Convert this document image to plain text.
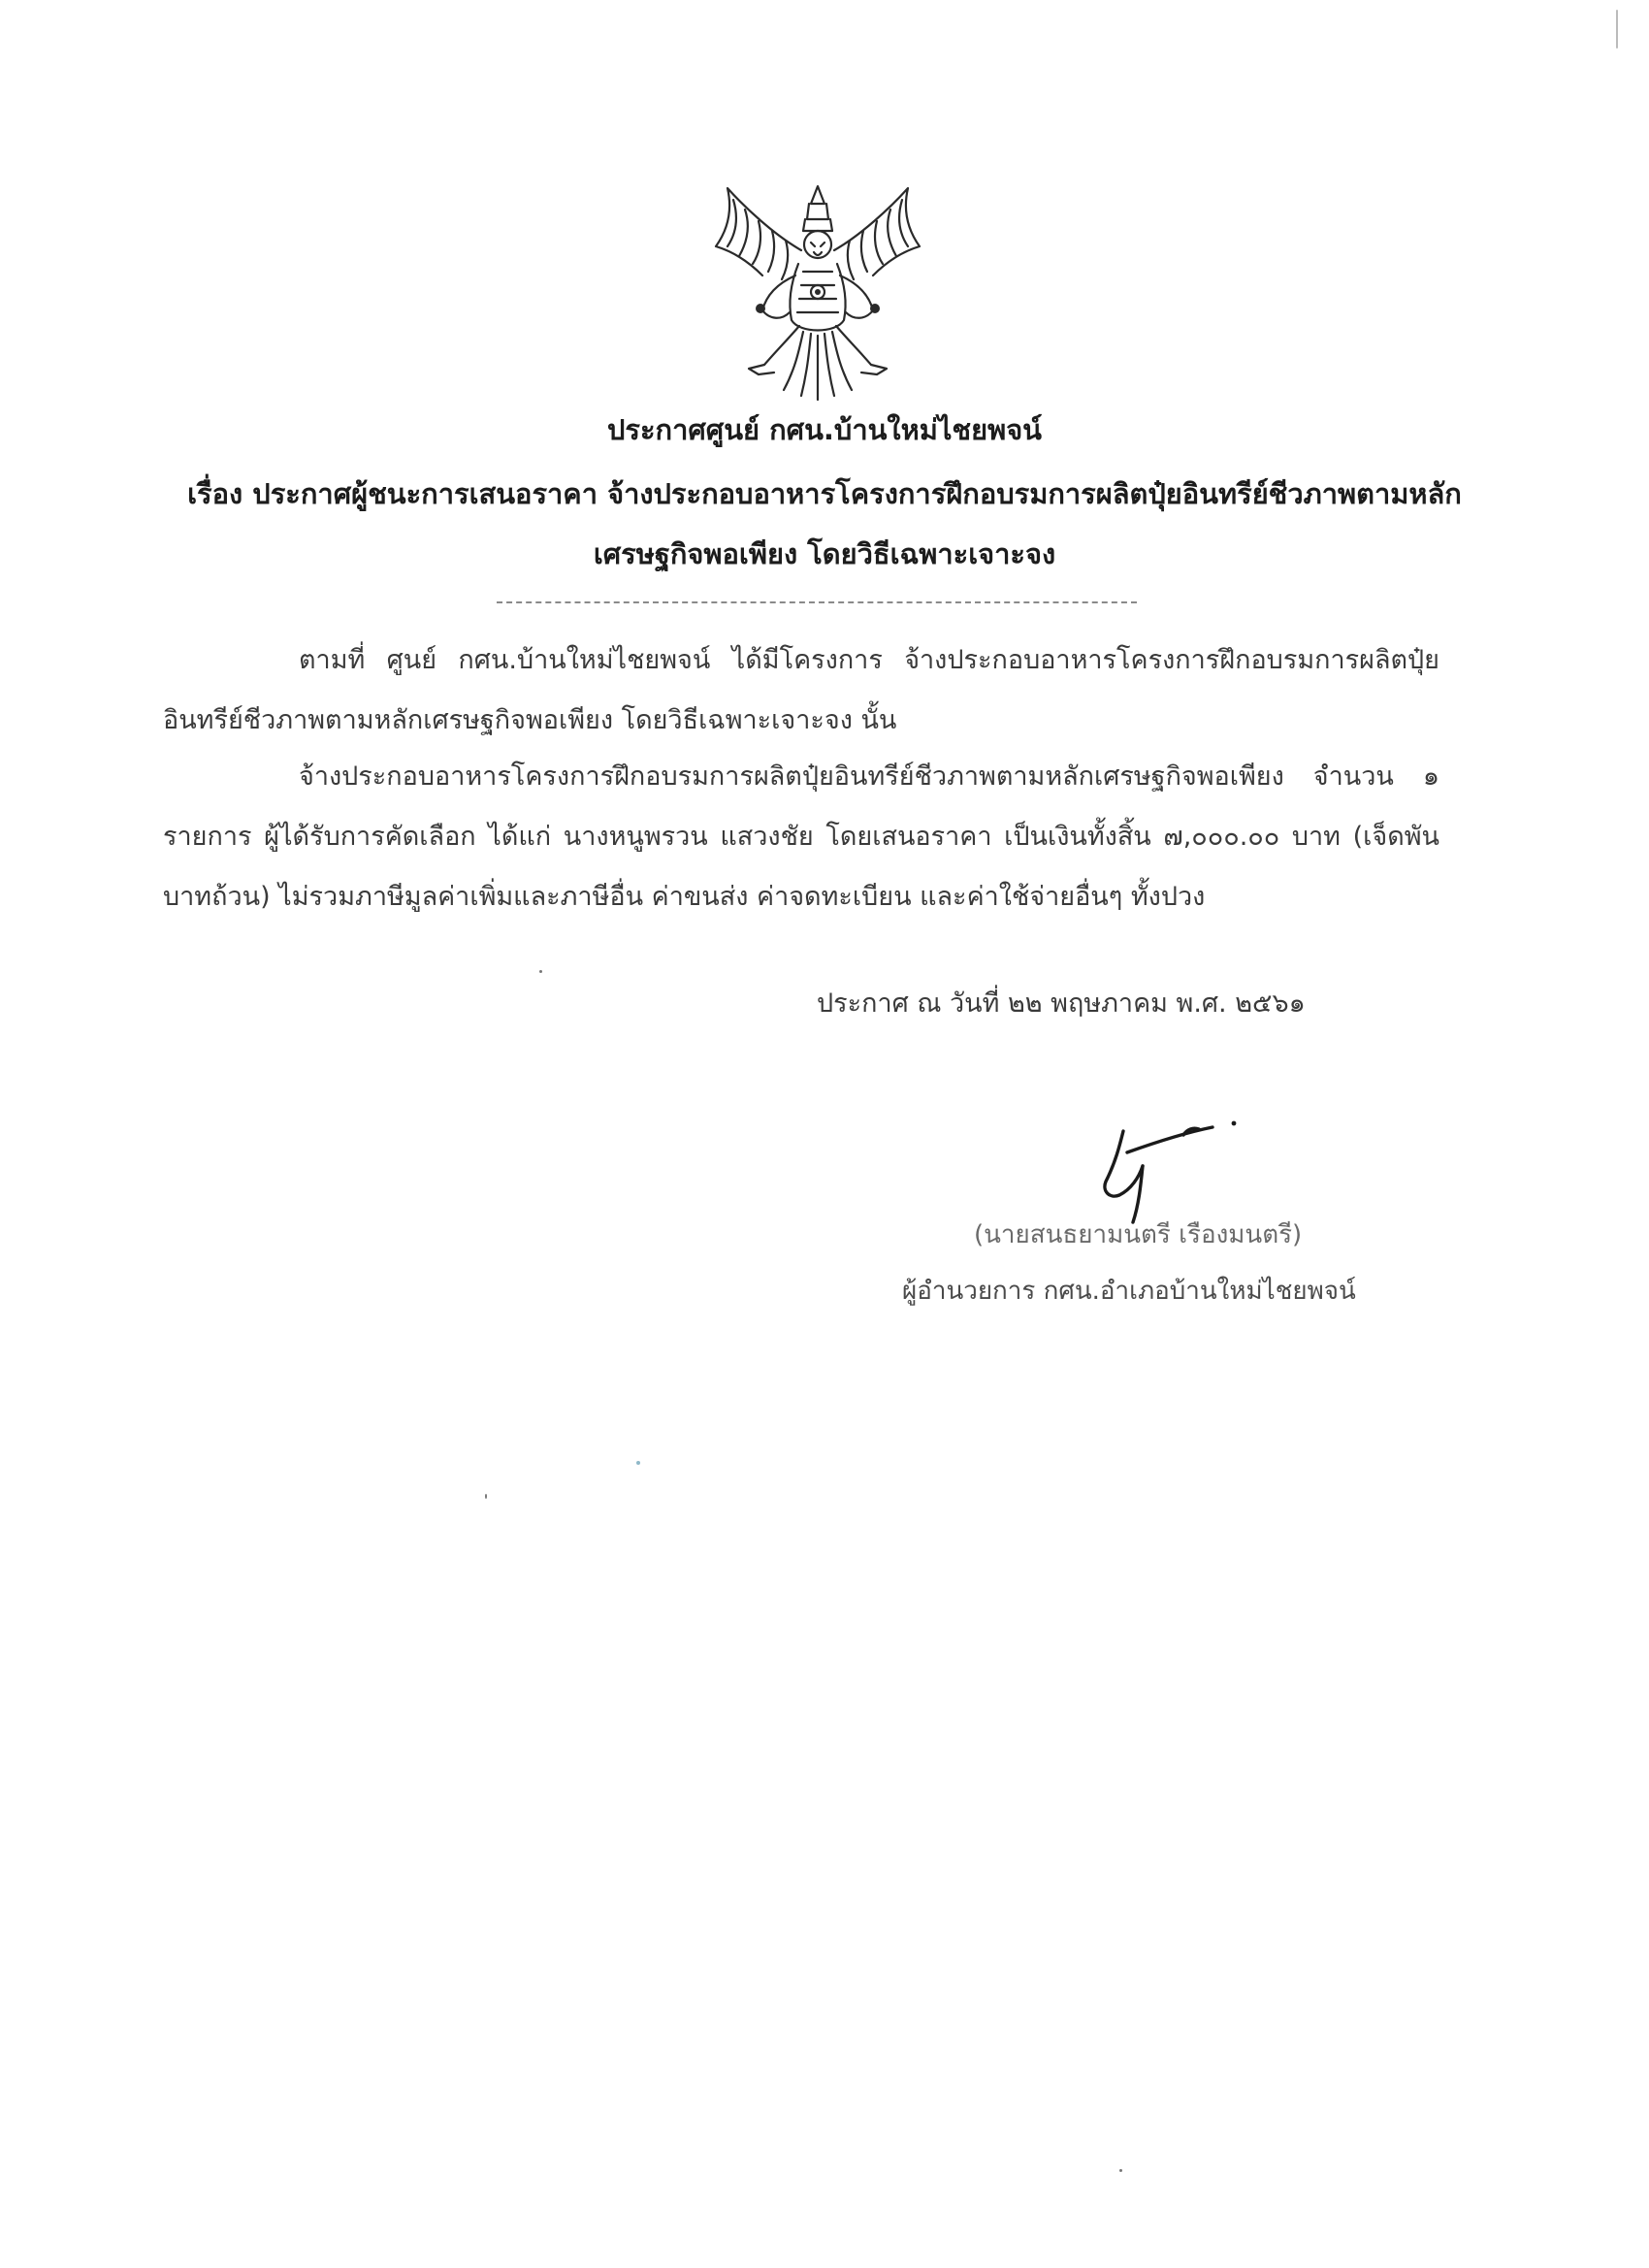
ประกาศศูนย์ กศน.บ้านใหม่ไชยพจน์
เรื่อง ประกาศผู้ชนะการเสนอราคา จ้างประกอบอาหารโครงการฝึกอบรมการผลิตปุ๋ยอินทรีย์ชีวภาพตามหลัก
เศรษฐกิจพอเพียง โดยวิธีเฉพาะเจาะจง
ตามที่ ศูนย์ กศน.บ้านใหม่ไชยพจน์ ได้มีโครงการ จ้างประกอบอาหารโครงการฝึกอบรมการผลิตปุ๋ยอินทรีย์ชีวภาพตามหลักเศรษฐกิจพอเพียง โดยวิธีเฉพาะเจาะจง นั้น
จ้างประกอบอาหารโครงการฝึกอบรมการผลิตปุ๋ยอินทรีย์ชีวภาพตามหลักเศรษฐกิจพอเพียง จำนวน ๑ รายการ ผู้ได้รับการคัดเลือก ได้แก่ นางหนูพรวน แสวงชัย โดยเสนอราคา เป็นเงินทั้งสิ้น ๗,๐๐๐.๐๐ บาท (เจ็ดพันบาทถ้วน) ไม่รวมภาษีมูลค่าเพิ่มและภาษีอื่น ค่าขนส่ง ค่าจดทะเบียน และค่าใช้จ่ายอื่นๆ ทั้งปวง
ประกาศ ณ วันที่ ๒๒ พฤษภาคม พ.ศ. ๒๕๖๑
(นายสนธยามนตรี เรืองมนตรี)
ผู้อำนวยการ กศน.อำเภอบ้านใหม่ไชยพจน์
